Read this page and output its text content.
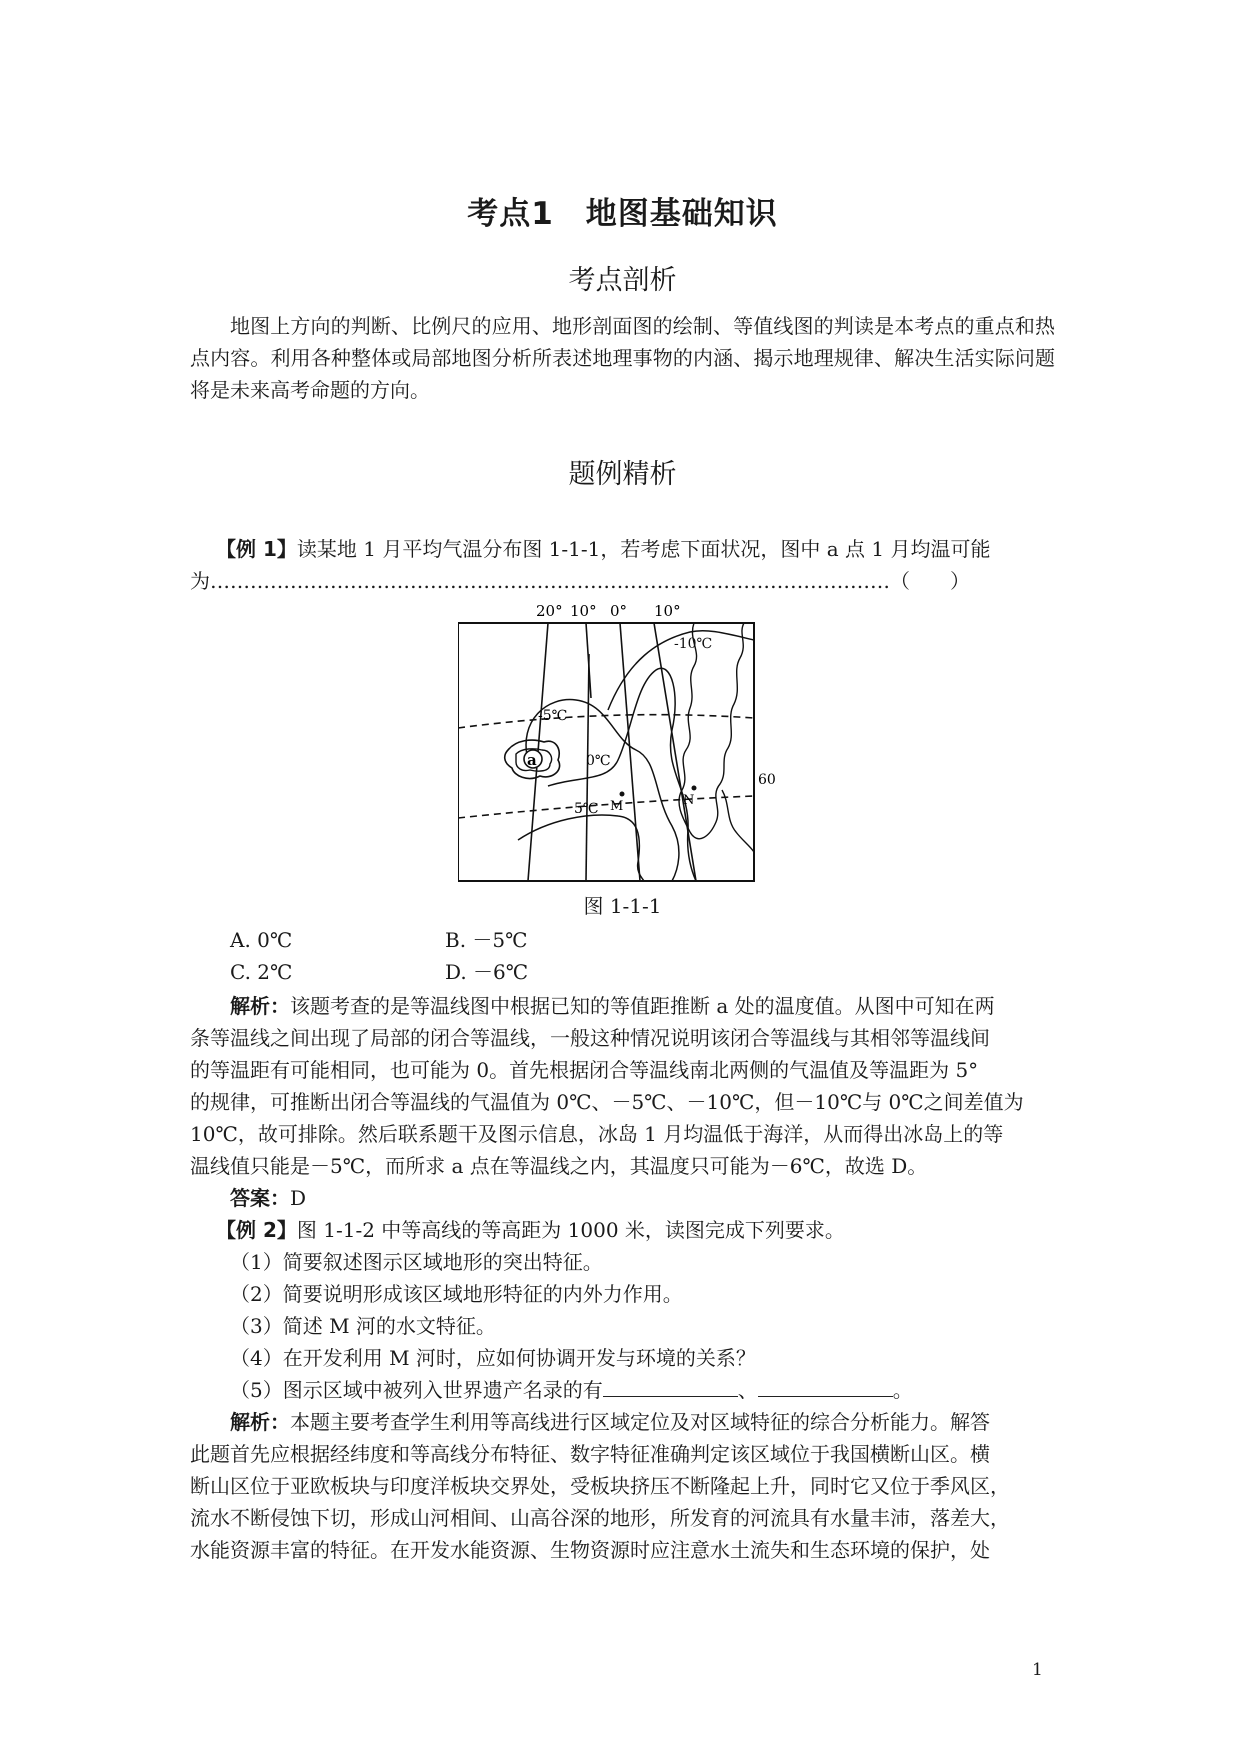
考点1 地图基础知识
考点剖析

地图上方向的判断、比例尺的应用、地形剖面图的绘制、等值线图的判读是本考点的重点和热点内容。利用各种整体或局部地图分析所表述地理事物的内涵、揭示地理规律、解决生活实际问题将是未来高考命题的方向。

题例精析

【例 1】读某地 1 月平均气温分布图 1-1-1，若考虑下面状况，图中 a 点 1 月均温可能

为…………………………………………………………………………………………（　　）

图 1-1-1

A. 0℃	B. －5℃
C. 2℃	D. －6℃

解析：该题考查的是等温线图中根据已知的等值距推断 a 处的温度值。从图中可知在两

条等温线之间出现了局部的闭合等温线，一般这种情况说明该闭合等温线与其相邻等温线间

的等温距有可能相同，也可能为 0。首先根据闭合等温线南北两侧的气温值及等温距为 5°

的规律，可推断出闭合等温线的气温值为 0℃、－5℃、－10℃，但－10℃与 0℃之间差值为

10℃，故可排除。然后联系题干及图示信息，冰岛 1 月均温低于海洋，从而得出冰岛上的等

温线值只能是－5℃，而所求 a 点在等温线之内，其温度只可能为－6℃，故选 D。

答案：D

【例 2】图 1-1-2 中等高线的等高距为 1000 米，读图完成下列要求。

（1）简要叙述图示区域地形的突出特征。

（2）简要说明形成该区域地形特征的内外力作用。

（3）简述 M 河的水文特征。

（4）在开发利用 M 河时，应如何协调开发与环境的关系？

（5）图示区域中被列入世界遗产名录的有	、	。

解析：本题主要考查学生利用等高线进行区域定位及对区域特征的综合分析能力。解答

此题首先应根据经纬度和等高线分布特征、数字特征准确判定该区域位于我国横断山区。横

断山区位于亚欧板块与印度洋板块交界处，受板块挤压不断隆起上升，同时它又位于季风区，

流水不断侵蚀下切，形成山河相间、山高谷深的地形，所发育的河流具有水量丰沛，落差大，

水能资源丰富的特征。在开发水能资源、生物资源时应注意水土流失和生态环境的保护，处

20° 10° 0° 10°
a
-10℃
-5℃
0℃
5℃
60
M	N
1
